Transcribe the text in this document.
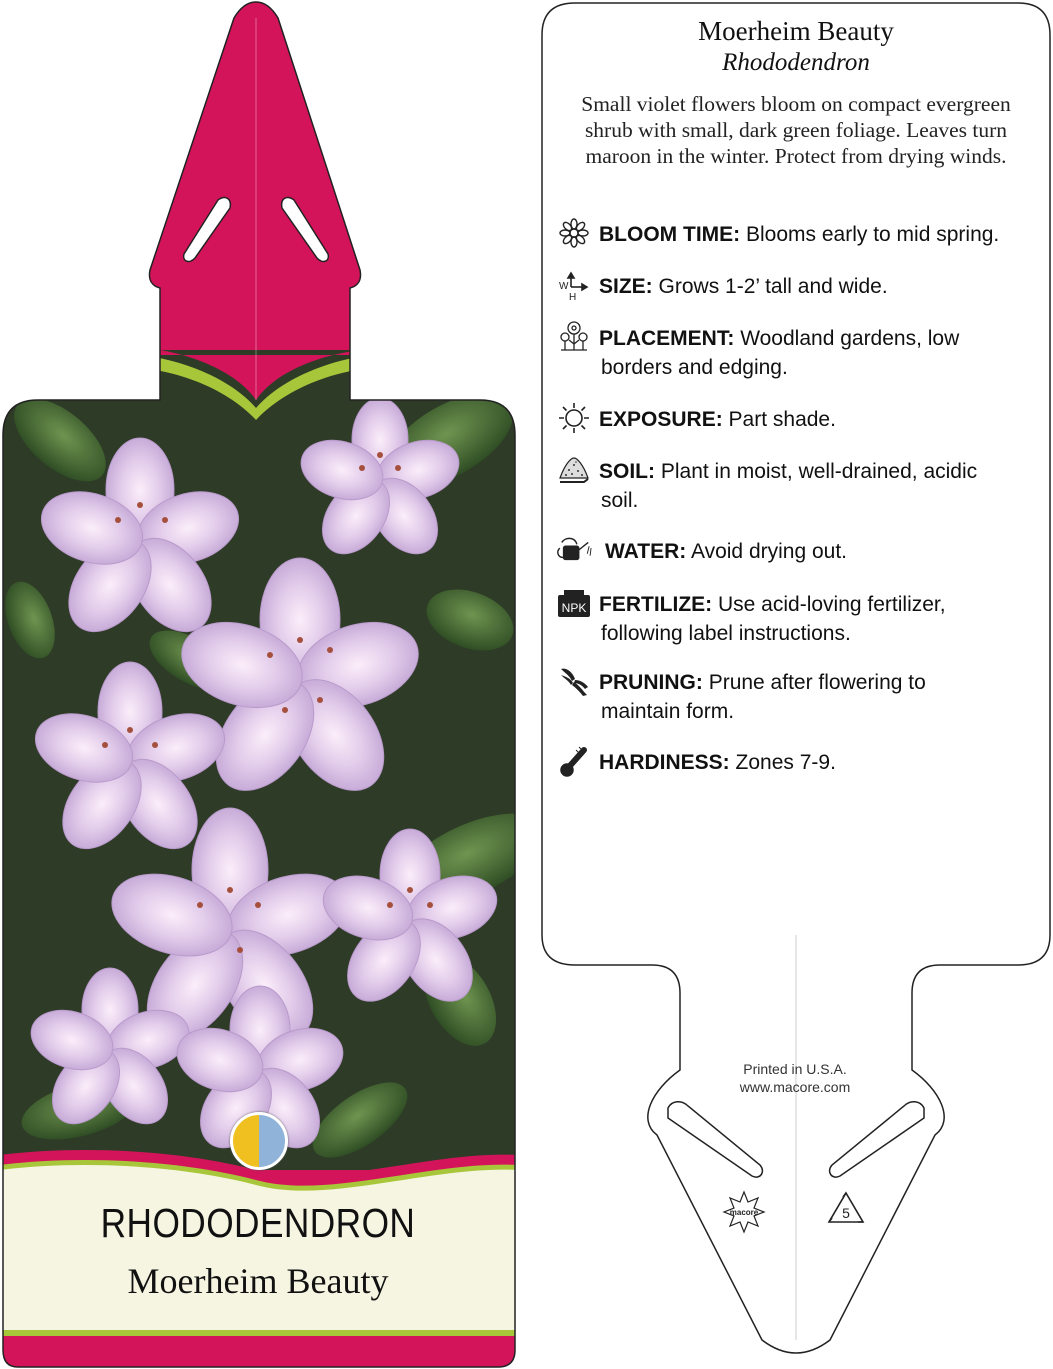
RHODODENDRON
Moerheim Beauty
Moerheim Beauty
Rhododendron
Small violet flowers bloom on compact evergreen shrub with small, dark green foliage. Leaves turn maroon in the winter. Protect from drying winds.
BLOOM TIME: Blooms early to mid spring.
W
H SIZE: Grows 1-2’ tall and wide.
PLACEMENT: Woodland gardens, low
borders and edging.
EXPOSURE: Part shade.
SOIL: Plant in moist, well-drained, acidic
soil.
WATER: Avoid drying out.
NPK FERTILIZE: Use acid-loving fertilizer,
following label instructions.
PRUNING: Prune after flowering to
maintain form.
HARDINESS: Zones 7-9.
Printed in U.S.A.
www.macore.com
macore	5
